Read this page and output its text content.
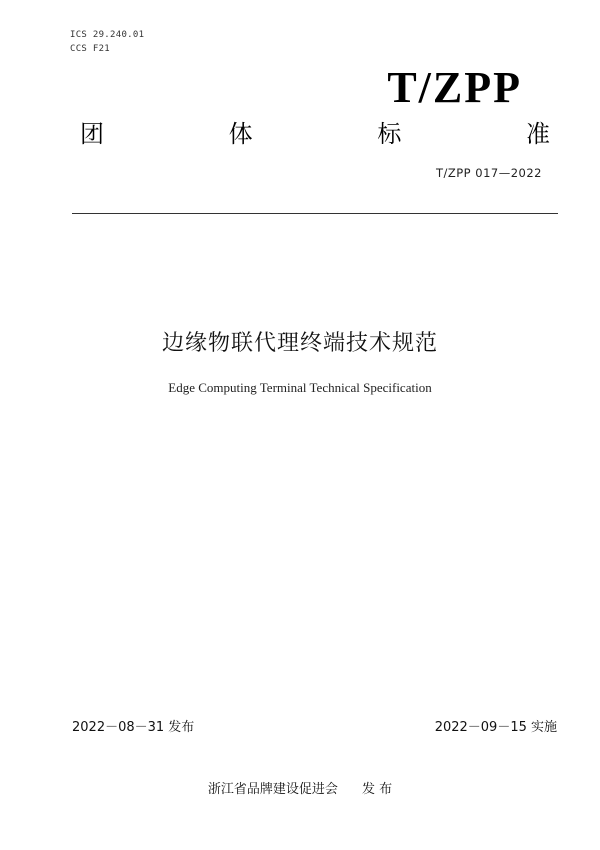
ICS 29.240.01
CCS F21
T/ZPP
团	体	标	准
T/ZPP 017—2022
边缘物联代理终端技术规范
Edge Computing Terminal Technical Specification
2022－08－31 发布	2022－09－15 实施
浙江省品牌建设促进会 发 布
